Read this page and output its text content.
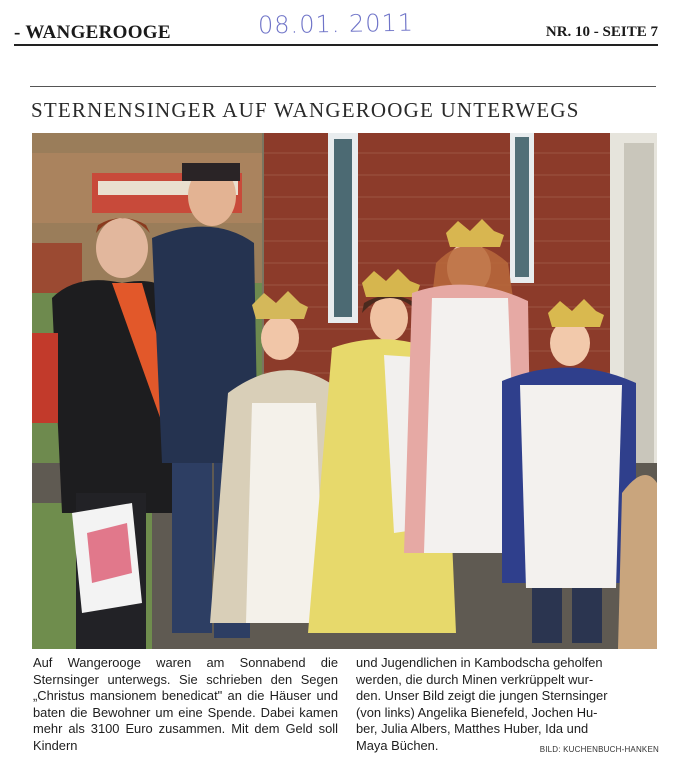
- WANGEROOGE	08.01. 2011	NR. 10 - SEITE 7
STERNENSINGER AUF WANGEROOGE UNTERWEGS

Auf Wangerooge waren am Sonnabend die Sternsinger unterwegs. Sie schrieben den Segen „Christus mansionem benedicat" an die Häuser und baten die Bewohner um eine Spende. Dabei kamen mehr als 3100 Euro zusammen. Mit dem Geld soll Kindern

und Jugendlichen in Kambodscha geholfen

werden, die durch Minen verkrüppelt wur-

den. Unser Bild zeigt die jungen Sternsinger

(von links) Angelika Bienefeld, Jochen Hu-

ber, Julia Albers, Matthes Huber, Ida und

Maya Büchen.	BILD: KUCHENBUCH-HANKEN
